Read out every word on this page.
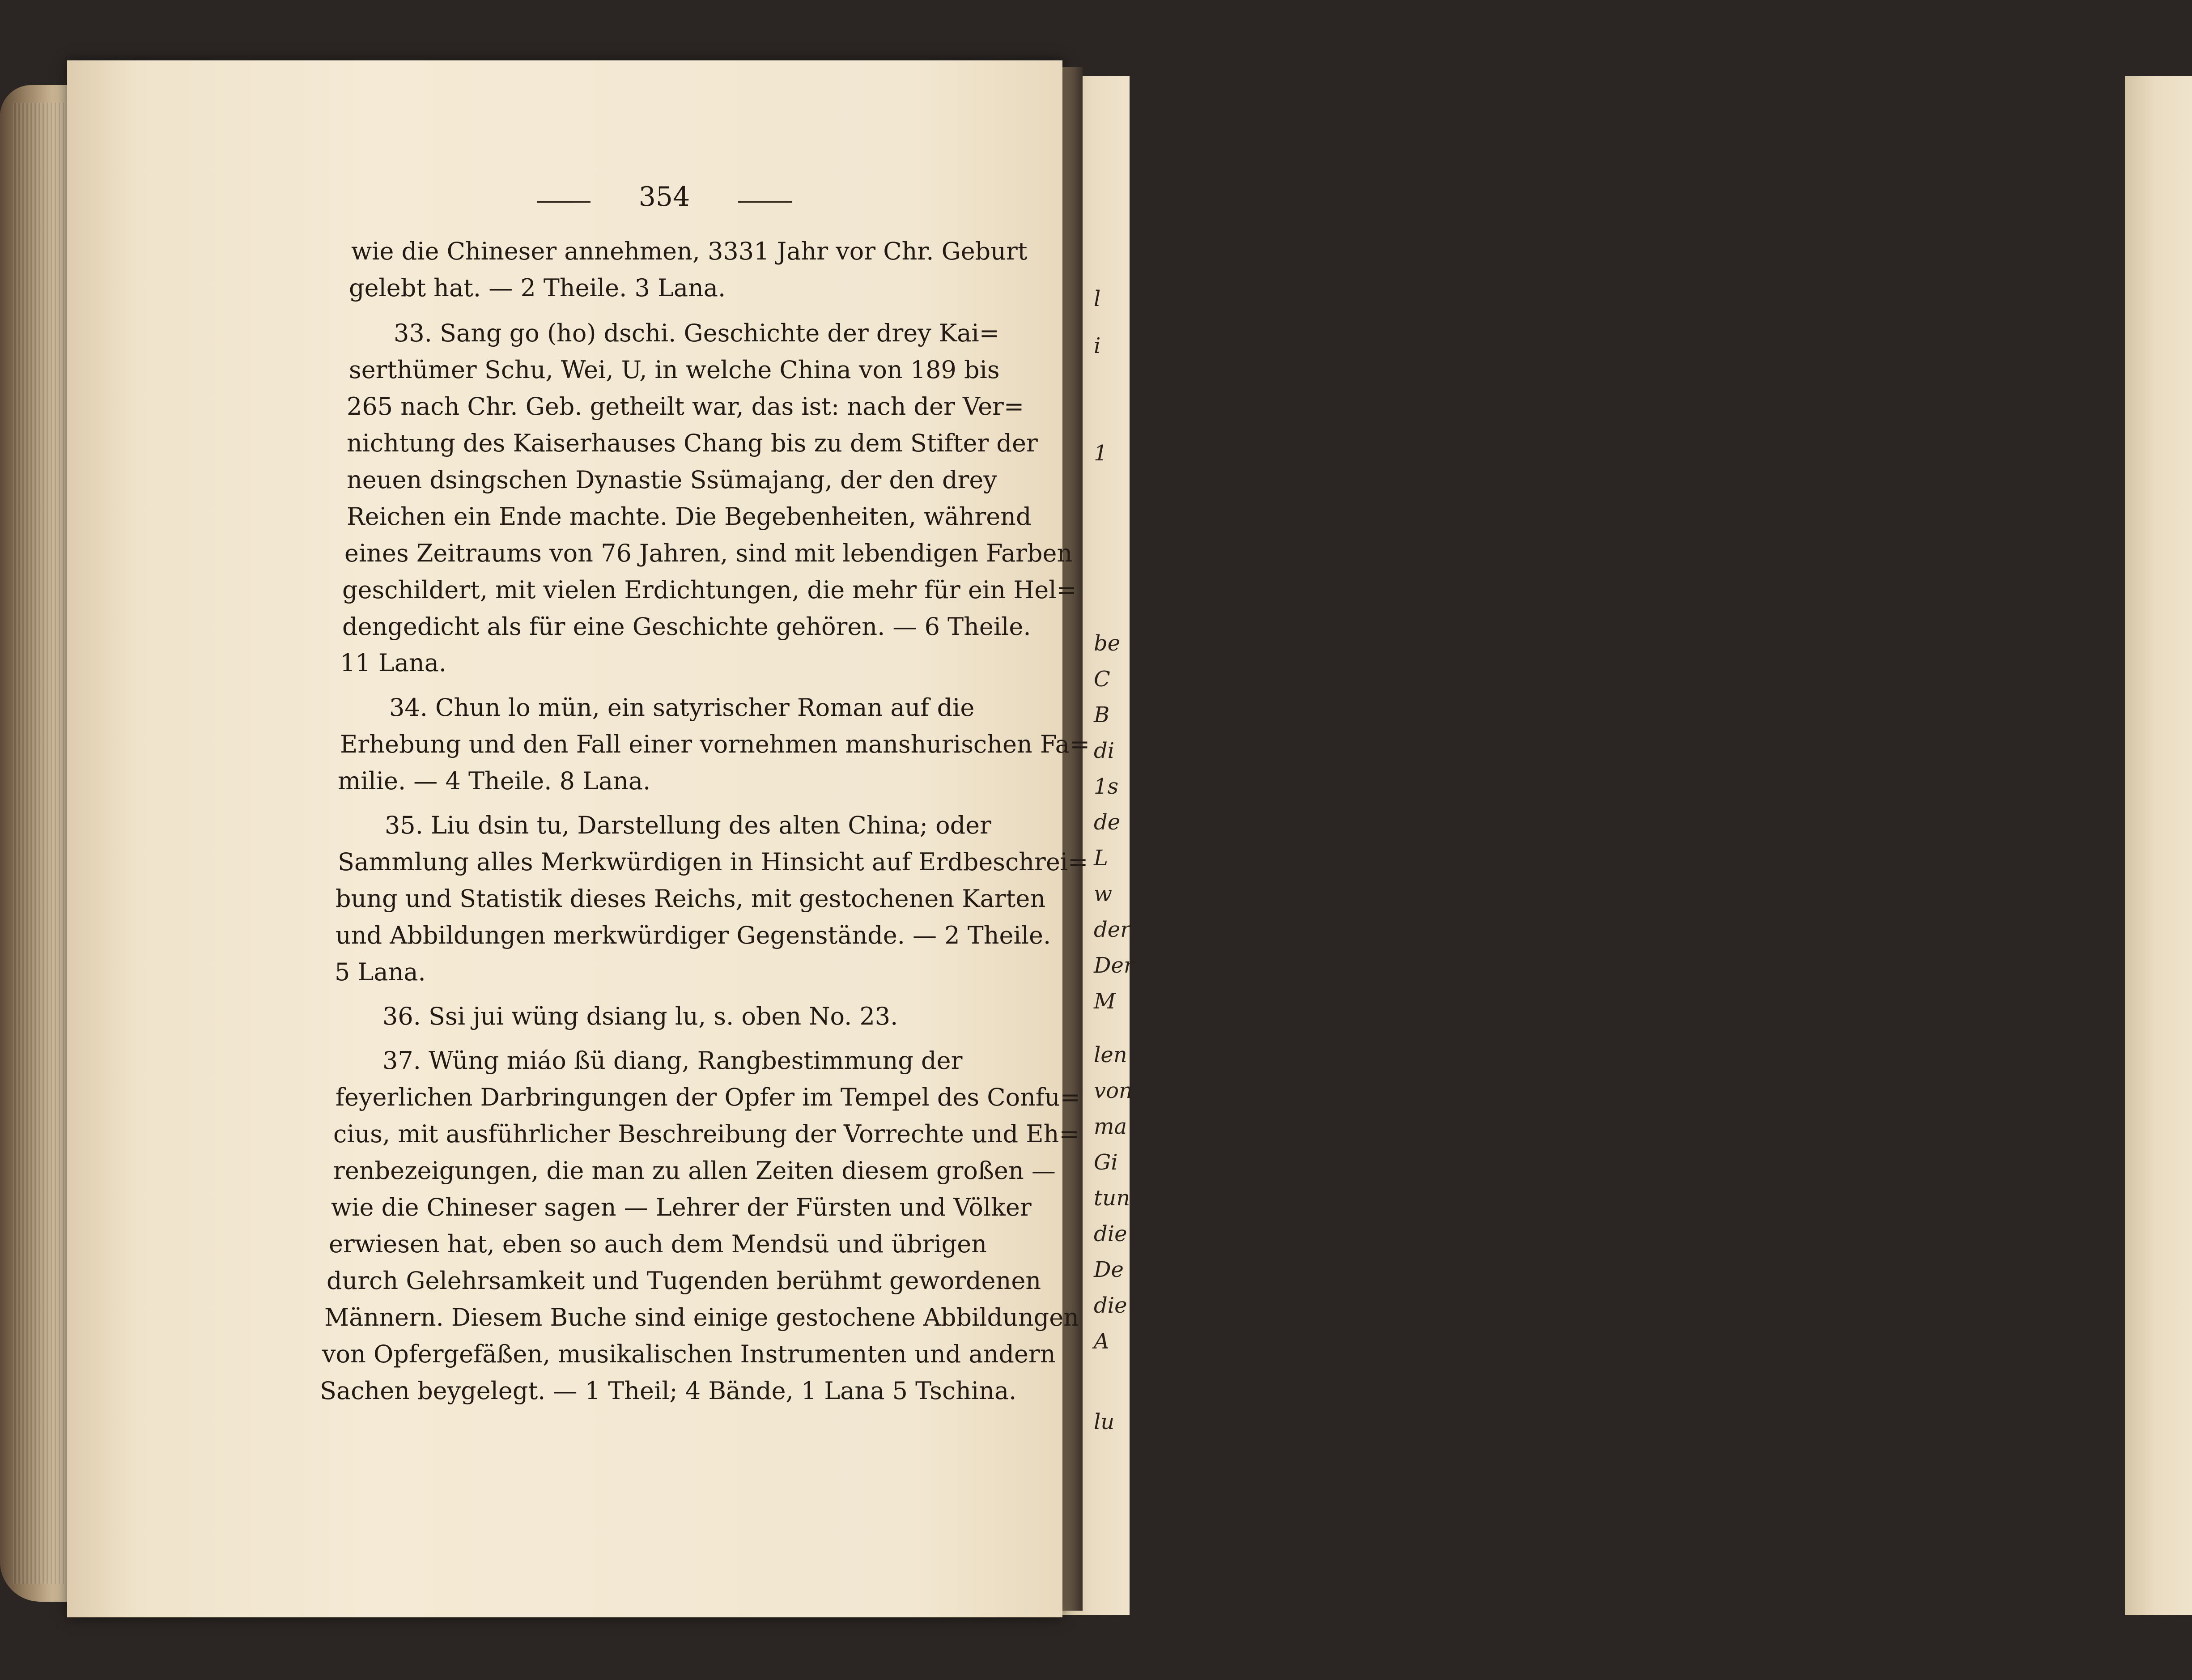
354
wie die Chineser annehmen, 3331 Jahr vor Chr. Geburt
gelebt hat. — 2 Theile. 3 Lana.
33. Sang go (ho) dschi. Geschichte der drey Kai=
serthümer Schu, Wei, U, in welche China von 189 bis
265 nach Chr. Geb. getheilt war, das ist: nach der Ver=
nichtung des Kaiserhauses Chang bis zu dem Stifter der
neuen dsingschen Dynastie Ssümajang, der den drey
Reichen ein Ende machte. Die Begebenheiten, während
eines Zeitraums von 76 Jahren, sind mit lebendigen Farben
geschildert, mit vielen Erdichtungen, die mehr für ein Hel=
dengedicht als für eine Geschichte gehören. — 6 Theile.
11 Lana.
34. Chun lo mün, ein satyrischer Roman auf die
Erhebung und den Fall einer vornehmen manshurischen Fa=
milie. — 4 Theile. 8 Lana.
35. Liu dsin tu, Darstellung des alten China; oder
Sammlung alles Merkwürdigen in Hinsicht auf Erdbeschrei=
bung und Statistik dieses Reichs, mit gestochenen Karten
und Abbildungen merkwürdiger Gegenstände. — 2 Theile.
5 Lana.
36. Ssi jui wüng dsiang lu, s. oben No. 23.
37. Wüng miáo ßü diang, Rangbestimmung der
feyerlichen Darbringungen der Opfer im Tempel des Confu=
cius, mit ausführlicher Beschreibung der Vorrechte und Eh=
renbezeigungen, die man zu allen Zeiten diesem großen —
wie die Chineser sagen — Lehrer der Fürsten und Völker
erwiesen hat, eben so auch dem Mendsü und übrigen
durch Gelehrsamkeit und Tugenden berühmt gewordenen
Männern. Diesem Buche sind einige gestochene Abbildungen
von Opfergefäßen, musikalischen Instrumenten und andern
Sachen beygelegt. — 1 Theil; 4 Bände, 1 Lana 5 Tschina.
l
i
1
be
C
B
di
1s
de
L
w
der
Der
M
len
von
ma
Gi
tun
die
De
die
A
lu
